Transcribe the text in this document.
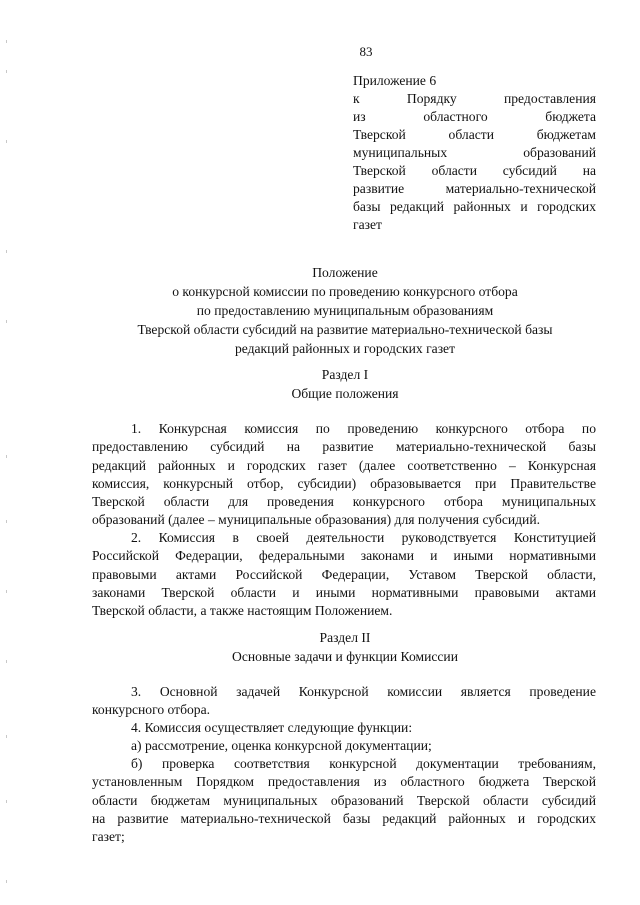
83
Приложение 6
к Порядку предоставления
из областного бюджета
Тверской области бюджетам
муниципальных образований
Тверской области субсидий на
развитие материально-технической
базы редакций районных и городских
газет
Положение
о конкурсной комиссии по проведению конкурсного отбора
по предоставлению муниципальным образованиям
Тверской области субсидий на развитие материально-технической базы
редакций районных и городских газет
Раздел I
Общие положения
1. Конкурсная комиссия по проведению конкурсного отбора по
предоставлению субсидий на развитие материально-технической базы
редакций районных и городских газет (далее соответственно – Конкурсная
комиссия, конкурсный отбор, субсидии) образовывается при Правительстве
Тверской области для проведения конкурсного отбора муниципальных
образований (далее – муниципальные образования) для получения субсидий.
2. Комиссия в своей деятельности руководствуется Конституцией
Российской Федерации, федеральными законами и иными нормативными
правовыми актами Российской Федерации, Уставом Тверской области,
законами Тверской области и иными нормативными правовыми актами
Тверской области, а также настоящим Положением.
Раздел II
Основные задачи и функции Комиссии
3. Основной задачей Конкурсной комиссии является проведение
конкурсного отбора.
4. Комиссия осуществляет следующие функции:
а) рассмотрение, оценка конкурсной документации;
б) проверка соответствия конкурсной документации требованиям,
установленным Порядком предоставления из областного бюджета Тверской
области бюджетам муниципальных образований Тверской области субсидий
на развитие материально-технической базы редакций районных и городских
газет;
